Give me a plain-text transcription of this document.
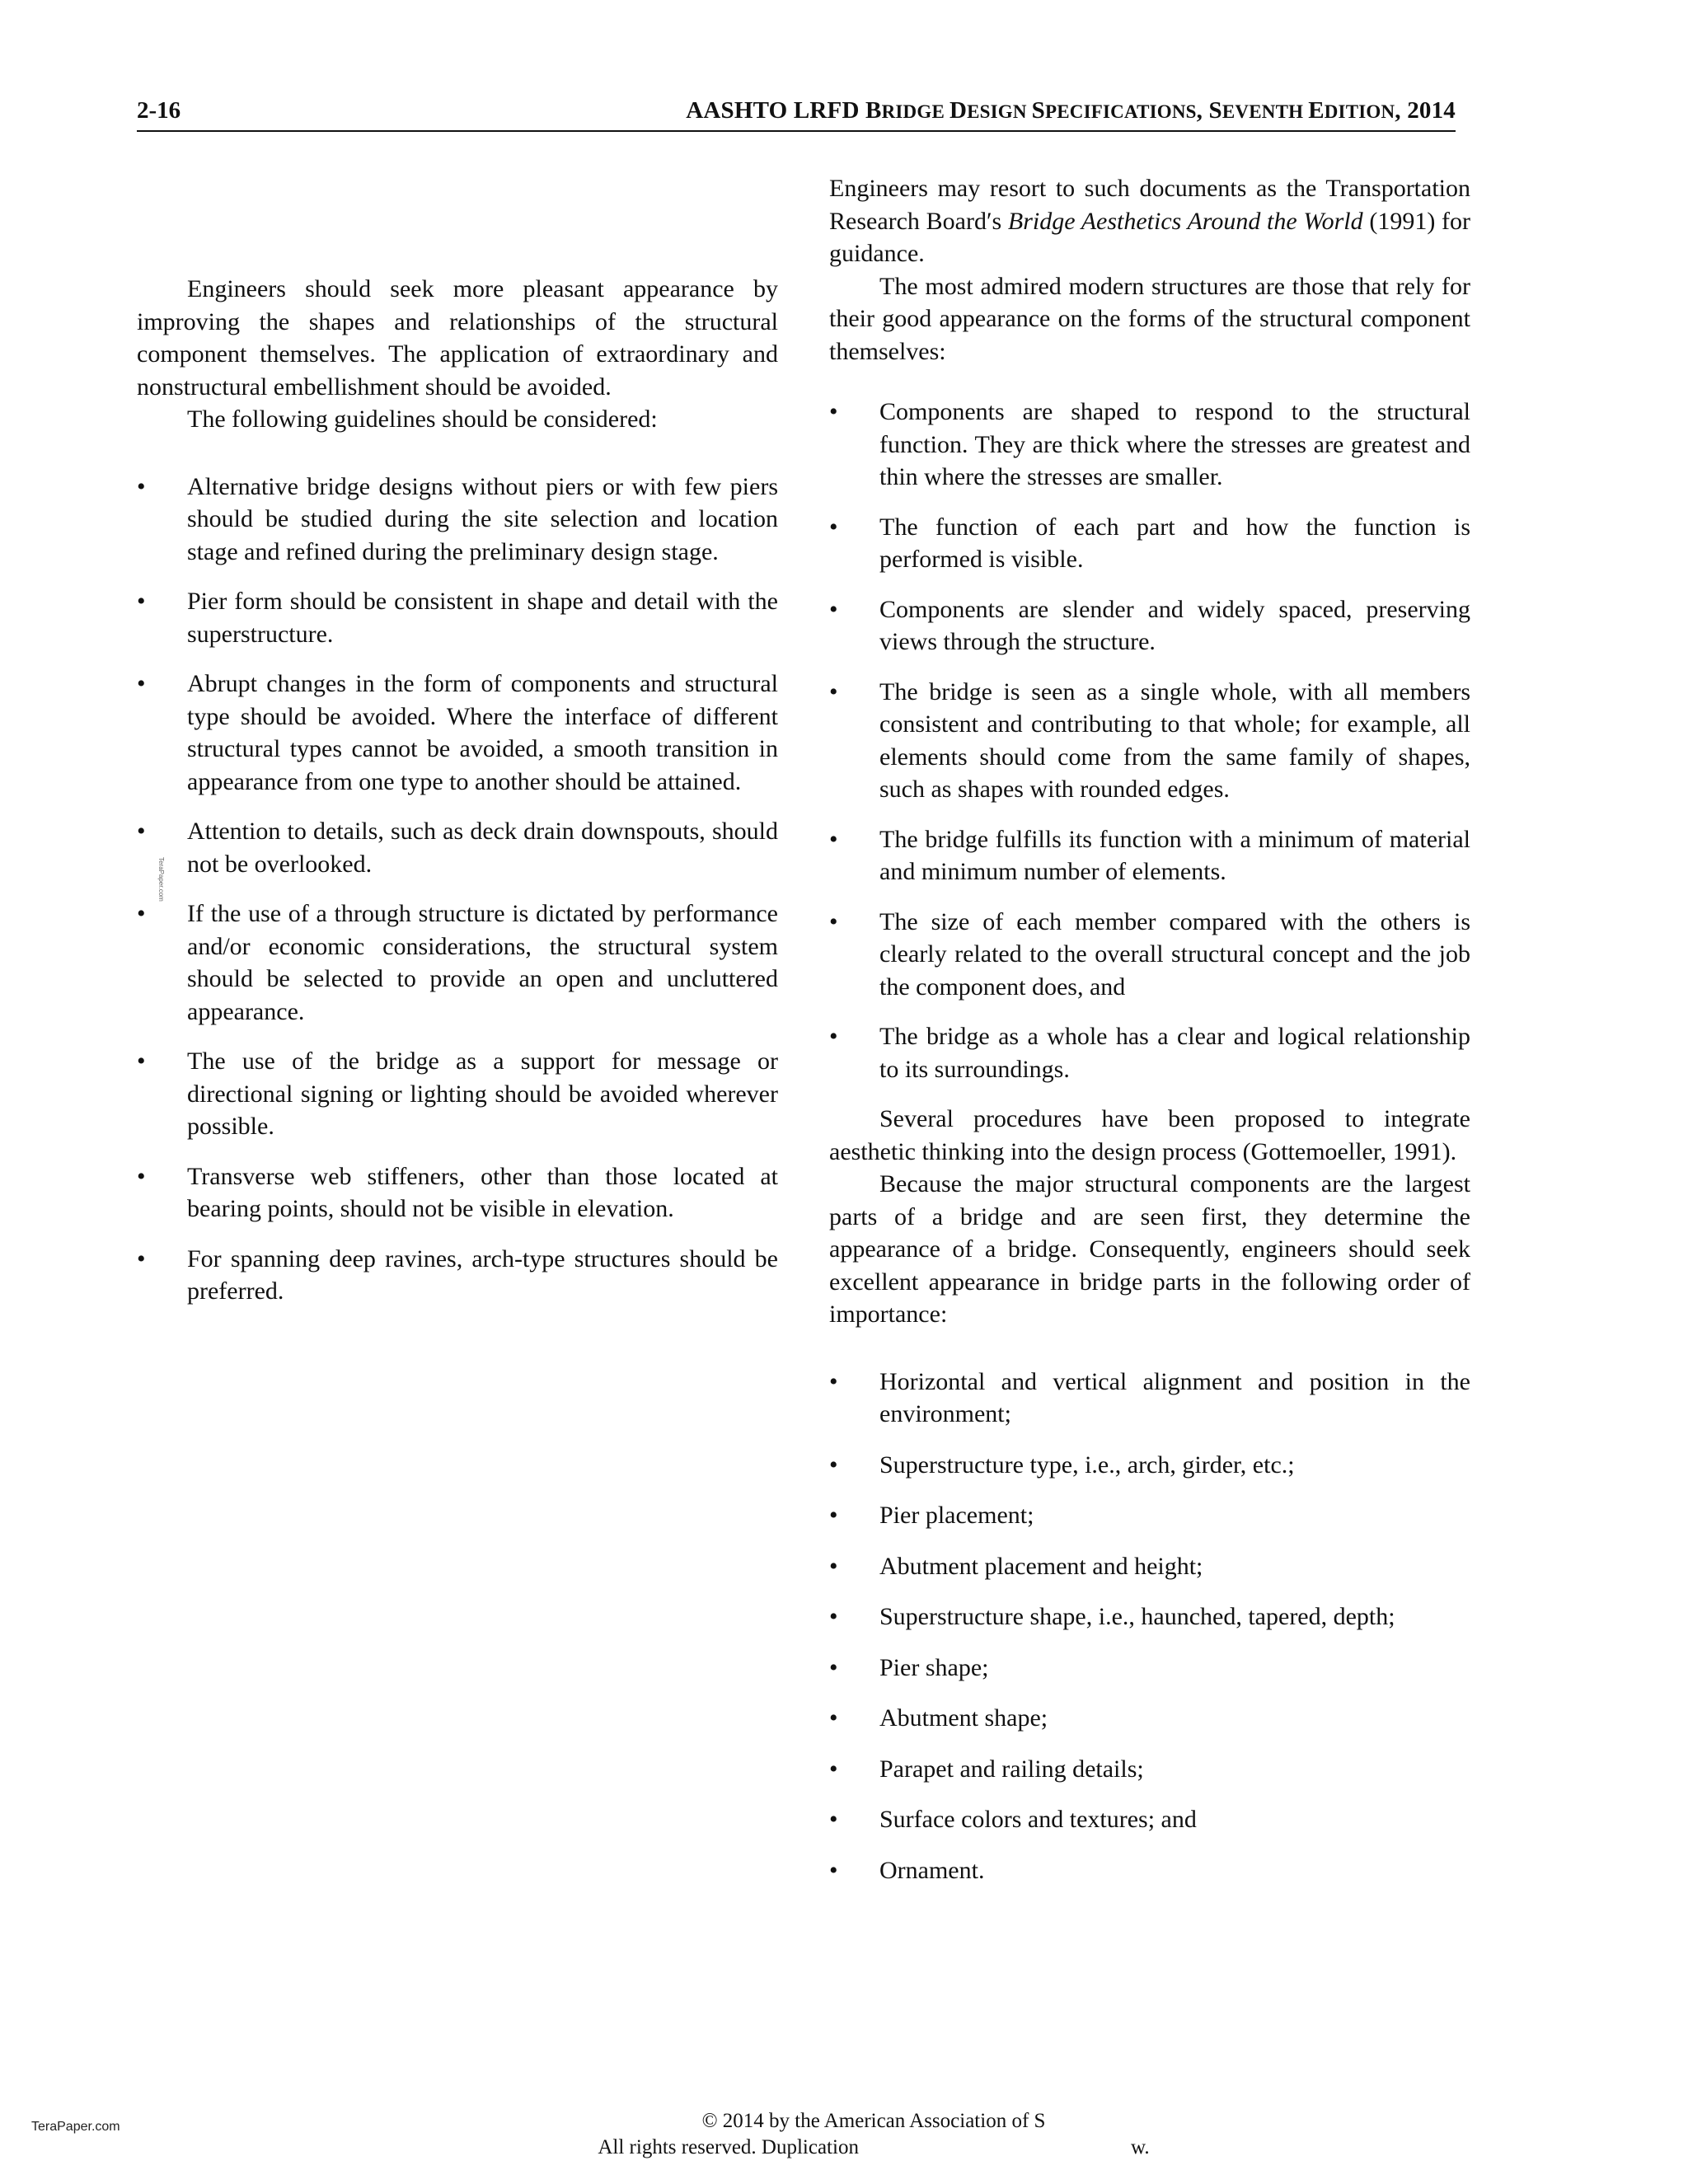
2-16	AASHTO LRFD BRIDGE DESIGN SPECIFICATIONS, SEVENTH EDITION, 2014

Engineers should seek more pleasant appearance by improving the shapes and relationships of the structural component themselves. The application of extraordinary and nonstructural embellishment should be avoided.

The following guidelines should be considered:

•	Alternative bridge designs without piers or with few piers should be studied during the site selection and location stage and refined during the preliminary design stage.
•	Pier form should be consistent in shape and detail with the superstructure.
•	Abrupt changes in the form of components and structural type should be avoided. Where the interface of different structural types cannot be avoided, a smooth transition in appearance from one type to another should be attained.
•	Attention to details, such as deck drain downspouts, should not be overlooked.
•	If the use of a through structure is dictated by performance and/or economic considerations, the structural system should be selected to provide an open and uncluttered appearance.
•	The use of the bridge as a support for message or directional signing or lighting should be avoided wherever possible.
•	Transverse web stiffeners, other than those located at bearing points, should not be visible in elevation.
•	For spanning deep ravines, arch-type structures should be preferred.
TeraPaper.com

Engineers may resort to such documents as the Transportation Research Board′s Bridge Aesthetics Around the World (1991) for guidance.

The most admired modern structures are those that rely for their good appearance on the forms of the structural component themselves:

•	Components are shaped to respond to the structural function. They are thick where the stresses are greatest and thin where the stresses are smaller.
•	The function of each part and how the function is performed is visible.
•	Components are slender and widely spaced, preserving views through the structure.
•	The bridge is seen as a single whole, with all members consistent and contributing to that whole; for example, all elements should come from the same family of shapes, such as shapes with rounded edges.
•	The bridge fulfills its function with a minimum of material and minimum number of elements.
•	The size of each member compared with the others is clearly related to the overall structural concept and the job the component does, and
•	The bridge as a whole has a clear and logical relationship to its surroundings.

Several procedures have been proposed to integrate aesthetic thinking into the design process (Gottemoeller, 1991).

Because the major structural components are the largest parts of a bridge and are seen first, they determine the appearance of a bridge. Consequently, engineers should seek excellent appearance in bridge parts in the following order of importance:

•	Horizontal and vertical alignment and position in the environment;
•	Superstructure type, i.e., arch, girder, etc.;
•	Pier placement;
•	Abutment placement and height;
•	Superstructure shape, i.e., haunched, tapered, depth;
•	Pier shape;
•	Abutment shape;
•	Parapet and railing details;
•	Surface colors and textures; and
•	Ornament.
TeraPaper.com	© 2014 by the American Association of S
All rights reserved. Duplication	w.
